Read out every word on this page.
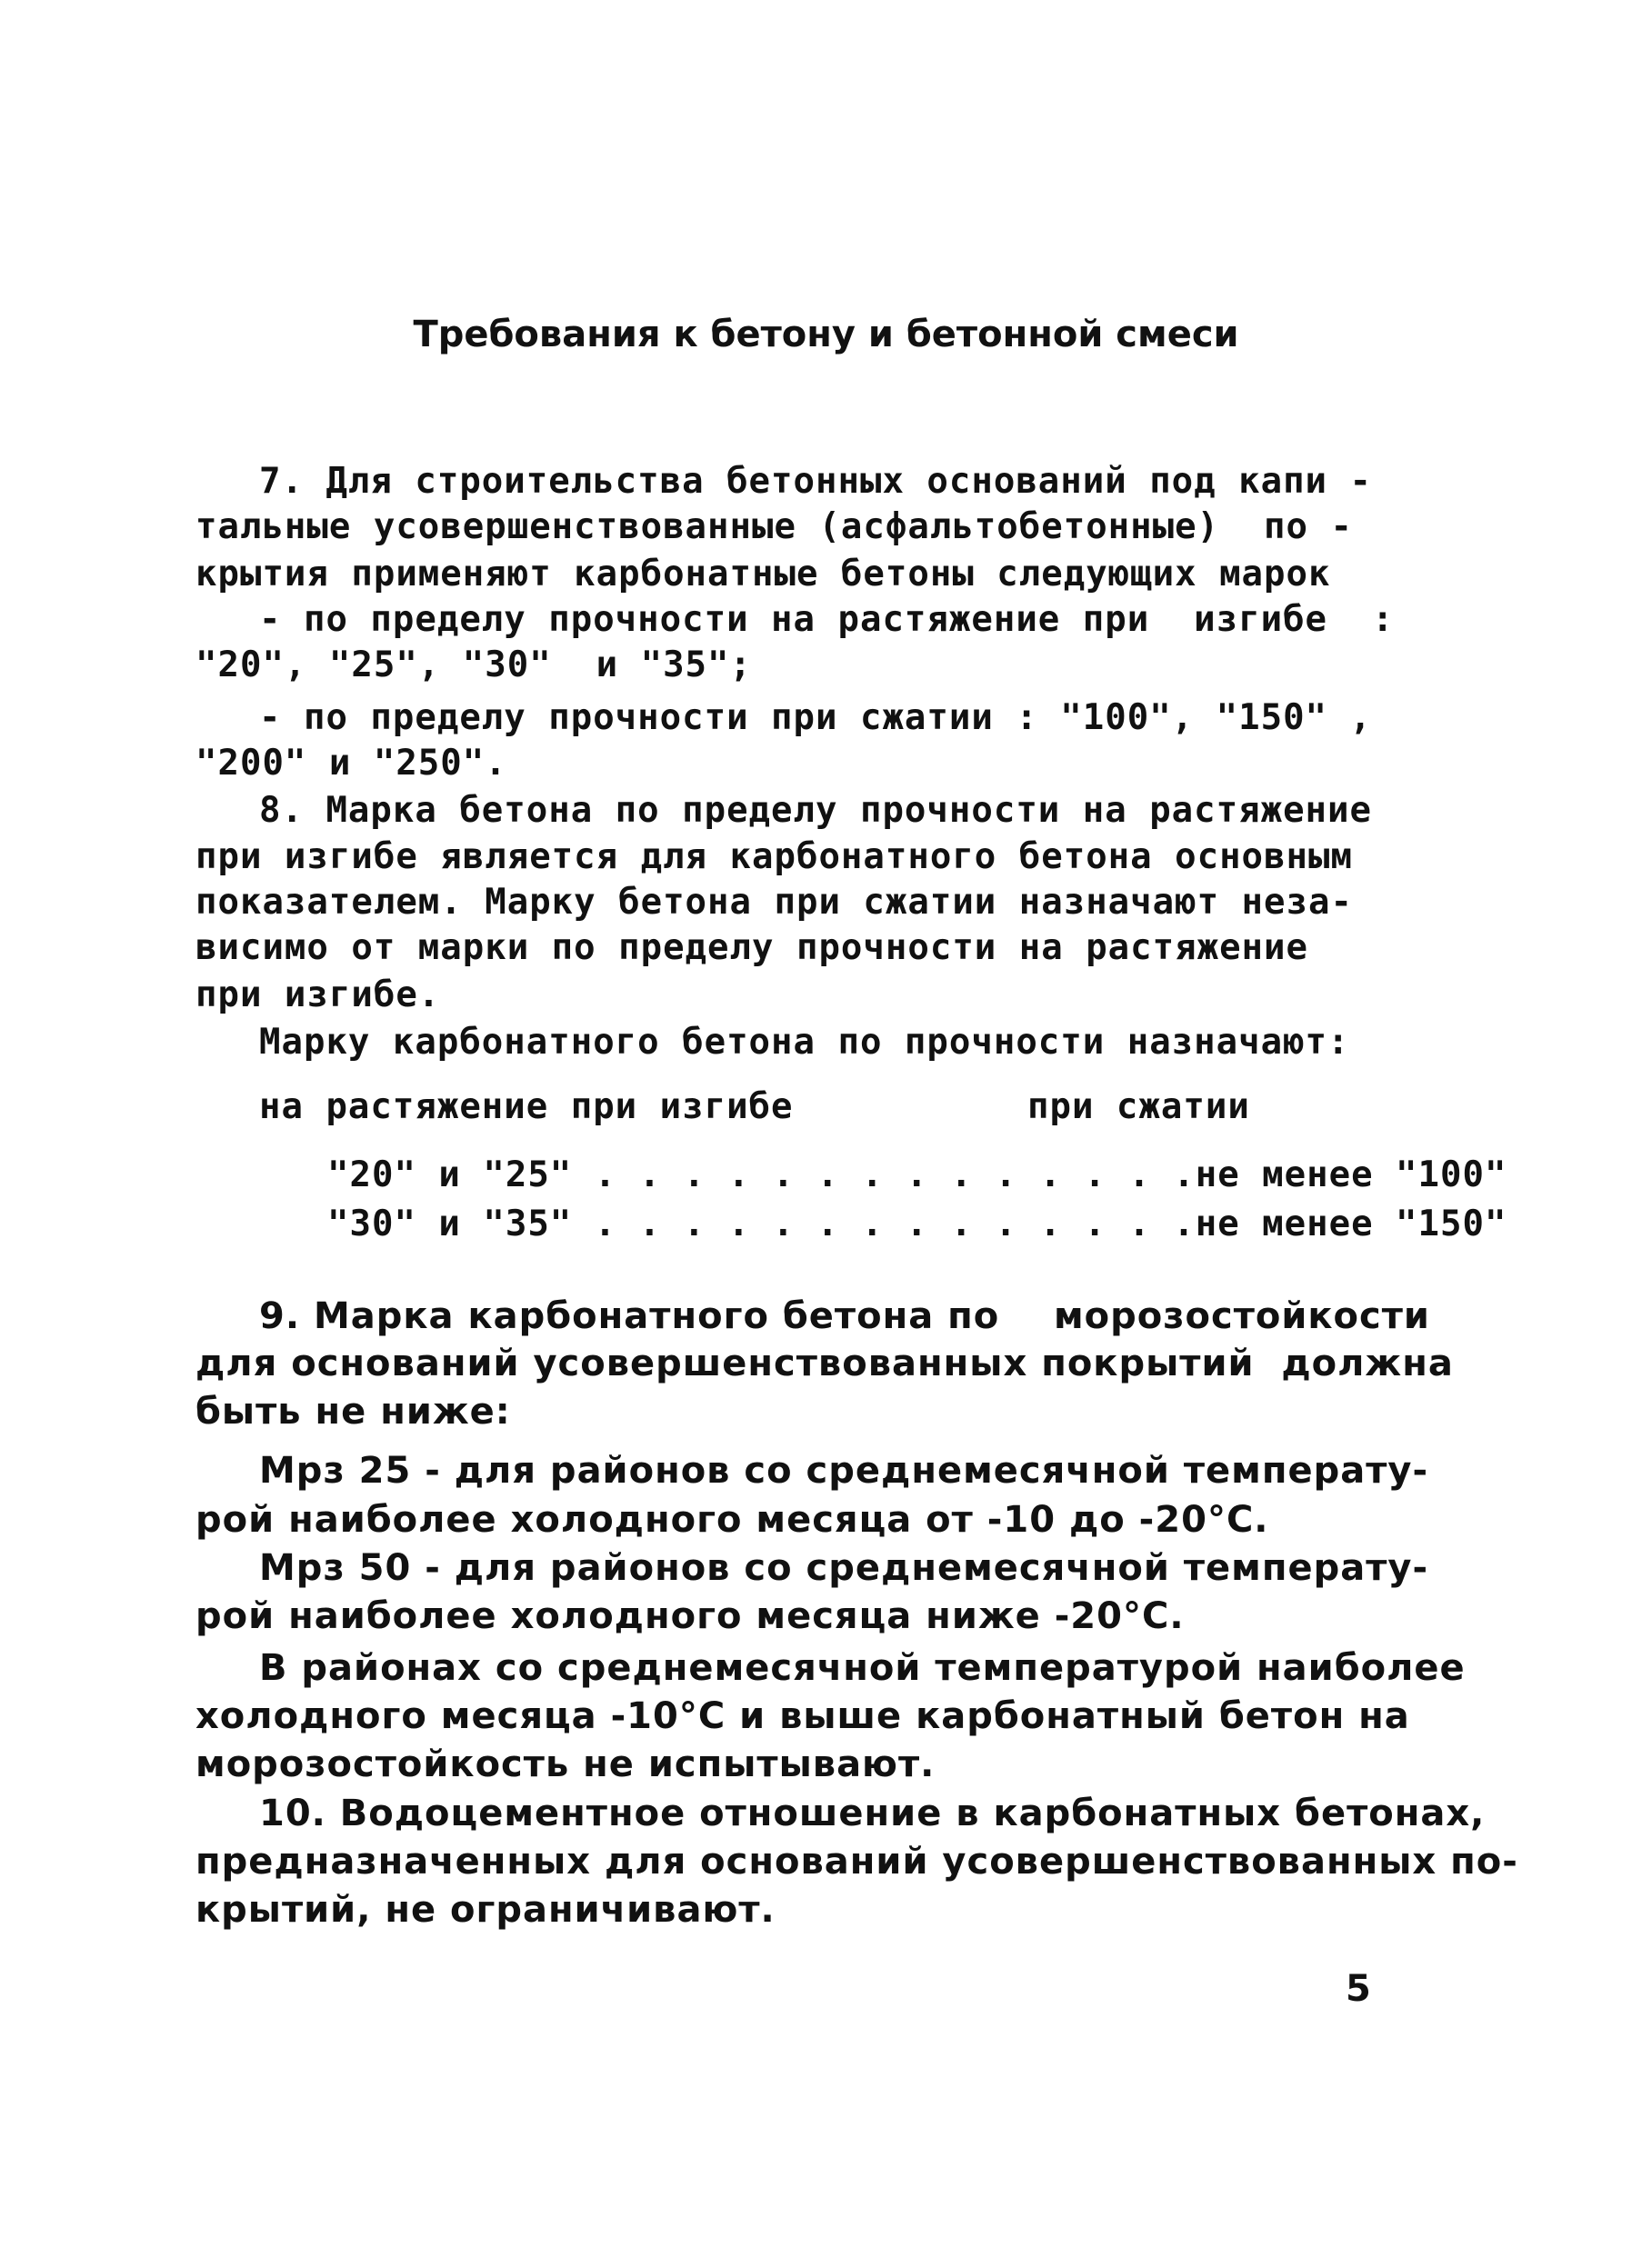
Требования к бетону и бетонной смеси
7. Для строительства бетонных оснований под капи -
тальные усовершенствованные (асфальтобетонные)  по -
крытия применяют карбонатные бетоны следующих марок
- по пределу прочности на растяжение при  изгибе  :
"20", "25", "30"  и "35";
- по пределу прочности при сжатии : "100", "150" ,
"200" и "250".
8. Марка бетона по пределу прочности на растяжение
при изгибе является для карбонатного бетона основным
показателем. Марку бетона при сжатии назначают неза-
висимо от марки по пределу прочности на растяжение
при изгибе.
Марку карбонатного бетона по прочности назначают:
на растяжение при изгибе	при сжатии
"20" и "25" . . . . . . . . . . . . . .не менее "100"
"30" и "35" . . . . . . . . . . . . . .не менее "150"
9. Марка карбонатного бетона по    морозостойкости
для оснований усовершенствованных покрытий  должна
быть не ниже:
Мрз 25 - для районов со среднемесячной температу-
рой наиболее холодного месяца от -10 до -20°С.
Мрз 50 - для районов со среднемесячной температу-
рой наиболее холодного месяца ниже -20°С.
В районах со среднемесячной температурой наиболее
холодного месяца -10°С и выше карбонатный бетон на
морозостойкость не испытывают.
10. Водоцементное отношение в карбонатных бетонах,
предназначенных для оснований усовершенствованных по-
крытий, не ограничивают.
5
